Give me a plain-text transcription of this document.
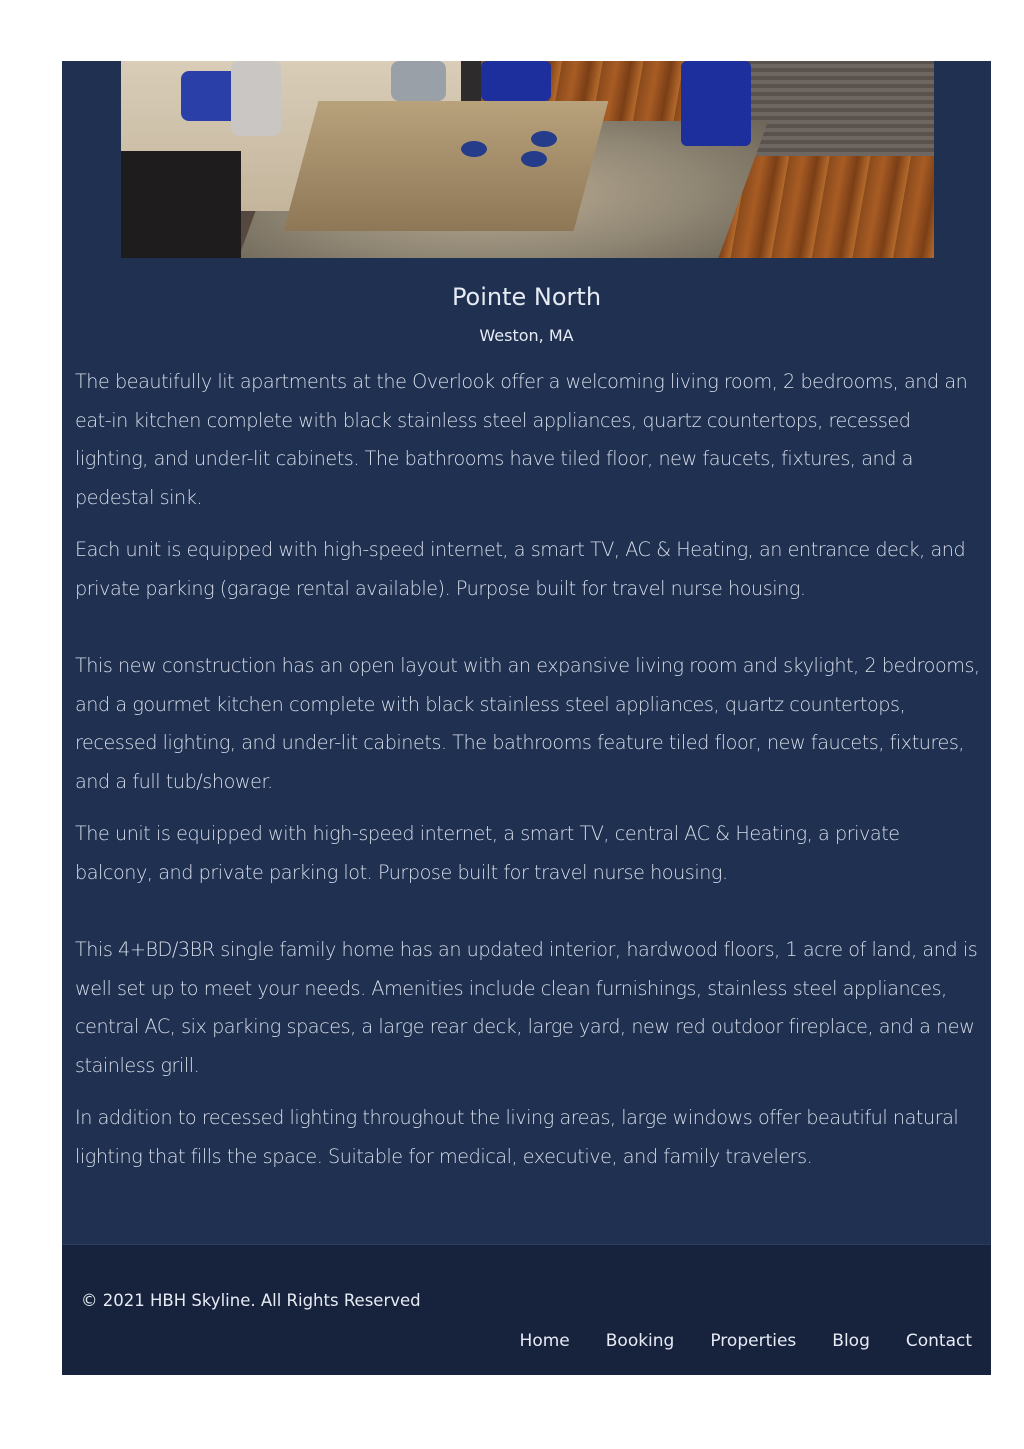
Pointe North
Weston, MA

The beautifully lit apartments at the Overlook offer a welcoming living room, 2 bedrooms, and an eat-in kitchen complete with black stainless steel appliances, quartz countertops, recessed lighting, and under-lit cabinets. The bathrooms have tiled floor, new faucets, fixtures, and a pedestal sink.

Each unit is equipped with high-speed internet, a smart TV, AC & Heating, an entrance deck, and private parking (garage rental available). Purpose built for travel nurse housing.

This new construction has an open layout with an expansive living room and skylight, 2 bedrooms, and a gourmet kitchen complete with black stainless steel appliances, quartz countertops, recessed lighting, and under-lit cabinets. The bathrooms feature tiled floor, new faucets, fixtures, and a full tub/shower.

The unit is equipped with high-speed internet, a smart TV, central AC & Heating, a private balcony, and private parking lot. Purpose built for travel nurse housing.

This 4+BD/3BR single family home has an updated interior, hardwood floors, 1 acre of land, and is well set up to meet your needs. Amenities include clean furnishings, stainless steel appliances, central AC, six parking spaces, a large rear deck, large yard, new red outdoor fireplace, and a new stainless grill.

In addition to recessed lighting throughout the living areas, large windows offer beautiful natural lighting that fills the space. Suitable for medical, executive, and family travelers.

© 2021 HBH Skyline. All Rights Reserved
Home Booking Properties Blog Contact
